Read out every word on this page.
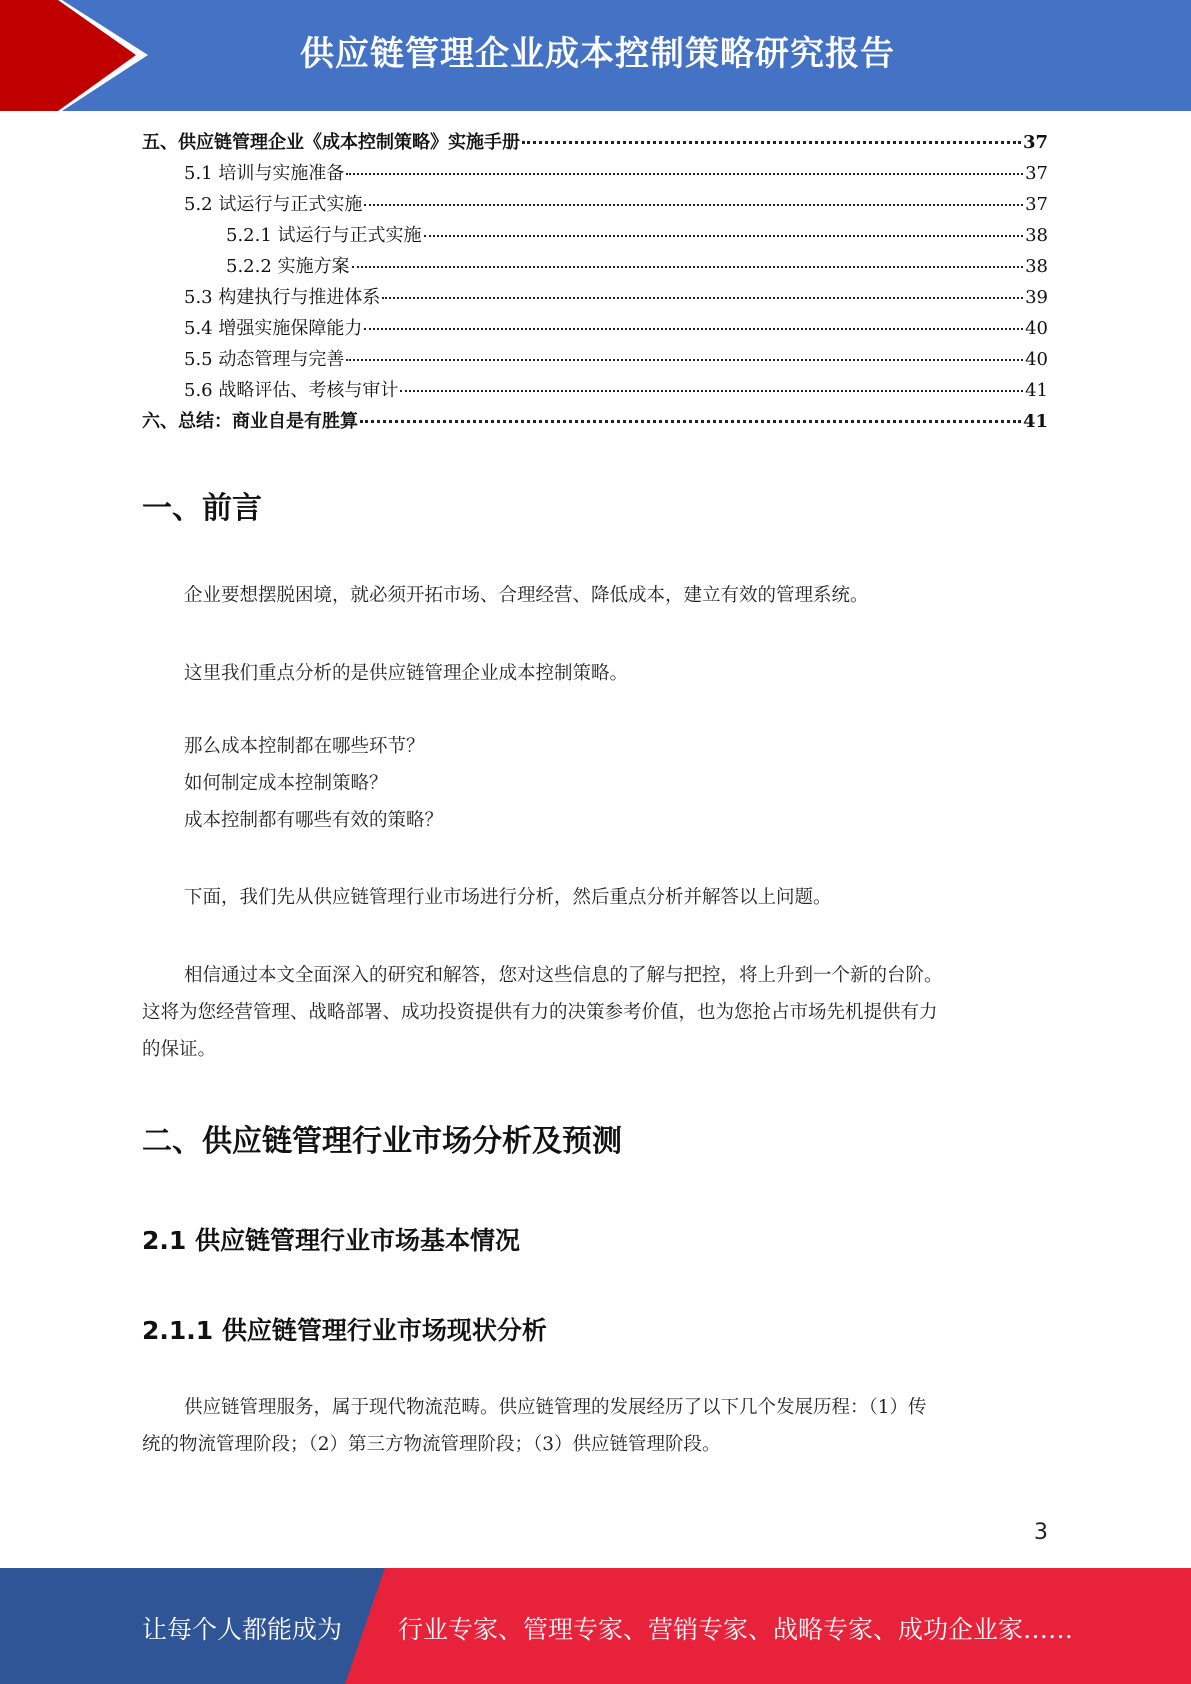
供应链管理企业成本控制策略研究报告
五、供应链管理企业《成本控制策略》实施手册	37
5.1 培训与实施准备	37
5.2 试运行与正式实施	37
5.2.1 试运行与正式实施	38
5.2.2 实施方案	38
5.3 构建执行与推进体系	39
5.4 增强实施保障能力	40
5.5 动态管理与完善	40
5.6 战略评估、考核与审计	41
六、总结：商业自是有胜算	41
一、前言
企业要想摆脱困境，就必须开拓市场、合理经营、降低成本，建立有效的管理系统。
这里我们重点分析的是供应链管理企业成本控制策略。
那么成本控制都在哪些环节？
如何制定成本控制策略？
成本控制都有哪些有效的策略？
下面，我们先从供应链管理行业市场进行分析，然后重点分析并解答以上问题。
相信通过本文全面深入的研究和解答，您对这些信息的了解与把控，将上升到一个新的台阶。
这将为您经营管理、战略部署、成功投资提供有力的决策参考价值，也为您抢占市场先机提供有力
的保证。
二、供应链管理行业市场分析及预测
2.1 供应链管理行业市场基本情况
2.1.1 供应链管理行业市场现状分析
供应链管理服务，属于现代物流范畴。供应链管理的发展经历了以下几个发展历程：（1）传
统的物流管理阶段；（2）第三方物流管理阶段；（3）供应链管理阶段。
3
让每个人都能成为 行业专家、管理专家、营销专家、战略专家、成功企业家……
